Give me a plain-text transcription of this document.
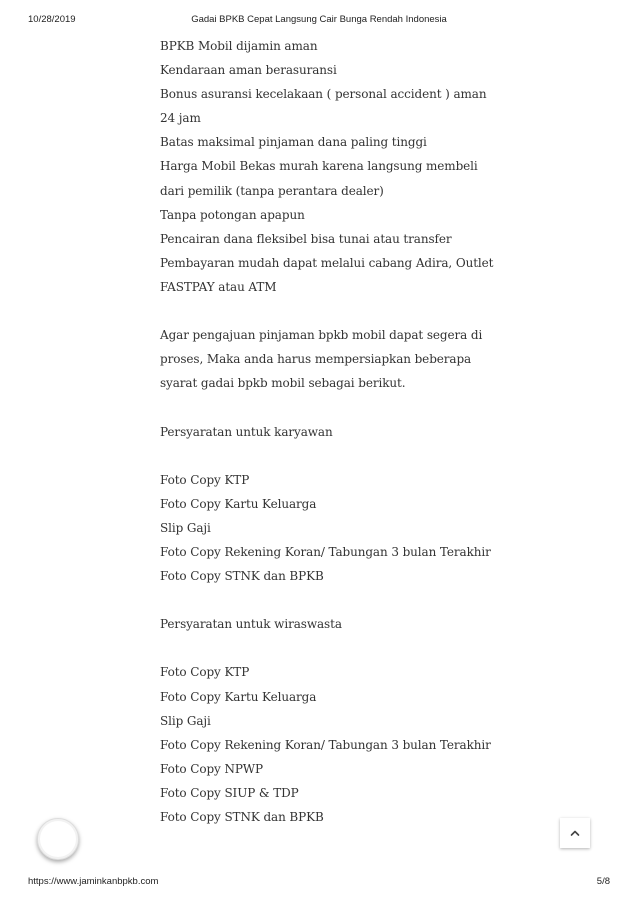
10/28/2019	Gadai BPKB Cepat Langsung Cair Bunga Rendah Indonesia
BPKB Mobil dijamin aman
Kendaraan aman berasuransi
Bonus asuransi kecelakaan ( personal accident ) aman
24 jam
Batas maksimal pinjaman dana paling tinggi
Harga Mobil Bekas murah karena langsung membeli
dari pemilik (tanpa perantara dealer)
Tanpa potongan apapun
Pencairan dana fleksibel bisa tunai atau transfer
Pembayaran mudah dapat melalui cabang Adira, Outlet
FASTPAY atau ATM
Agar pengajuan pinjaman bpkb mobil dapat segera di
proses, Maka anda harus mempersiapkan beberapa
syarat gadai bpkb mobil sebagai berikut.
Persyaratan untuk karyawan
Foto Copy KTP
Foto Copy Kartu Keluarga
Slip Gaji
Foto Copy Rekening Koran/ Tabungan 3 bulan Terakhir
Foto Copy STNK dan BPKB
Persyaratan untuk wiraswasta
Foto Copy KTP
Foto Copy Kartu Keluarga
Slip Gaji
Foto Copy Rekening Koran/ Tabungan 3 bulan Terakhir
Foto Copy NPWP
Foto Copy SIUP & TDP
Foto Copy STNK dan BPKB
https://www.jaminkanbpkb.com	5/8
